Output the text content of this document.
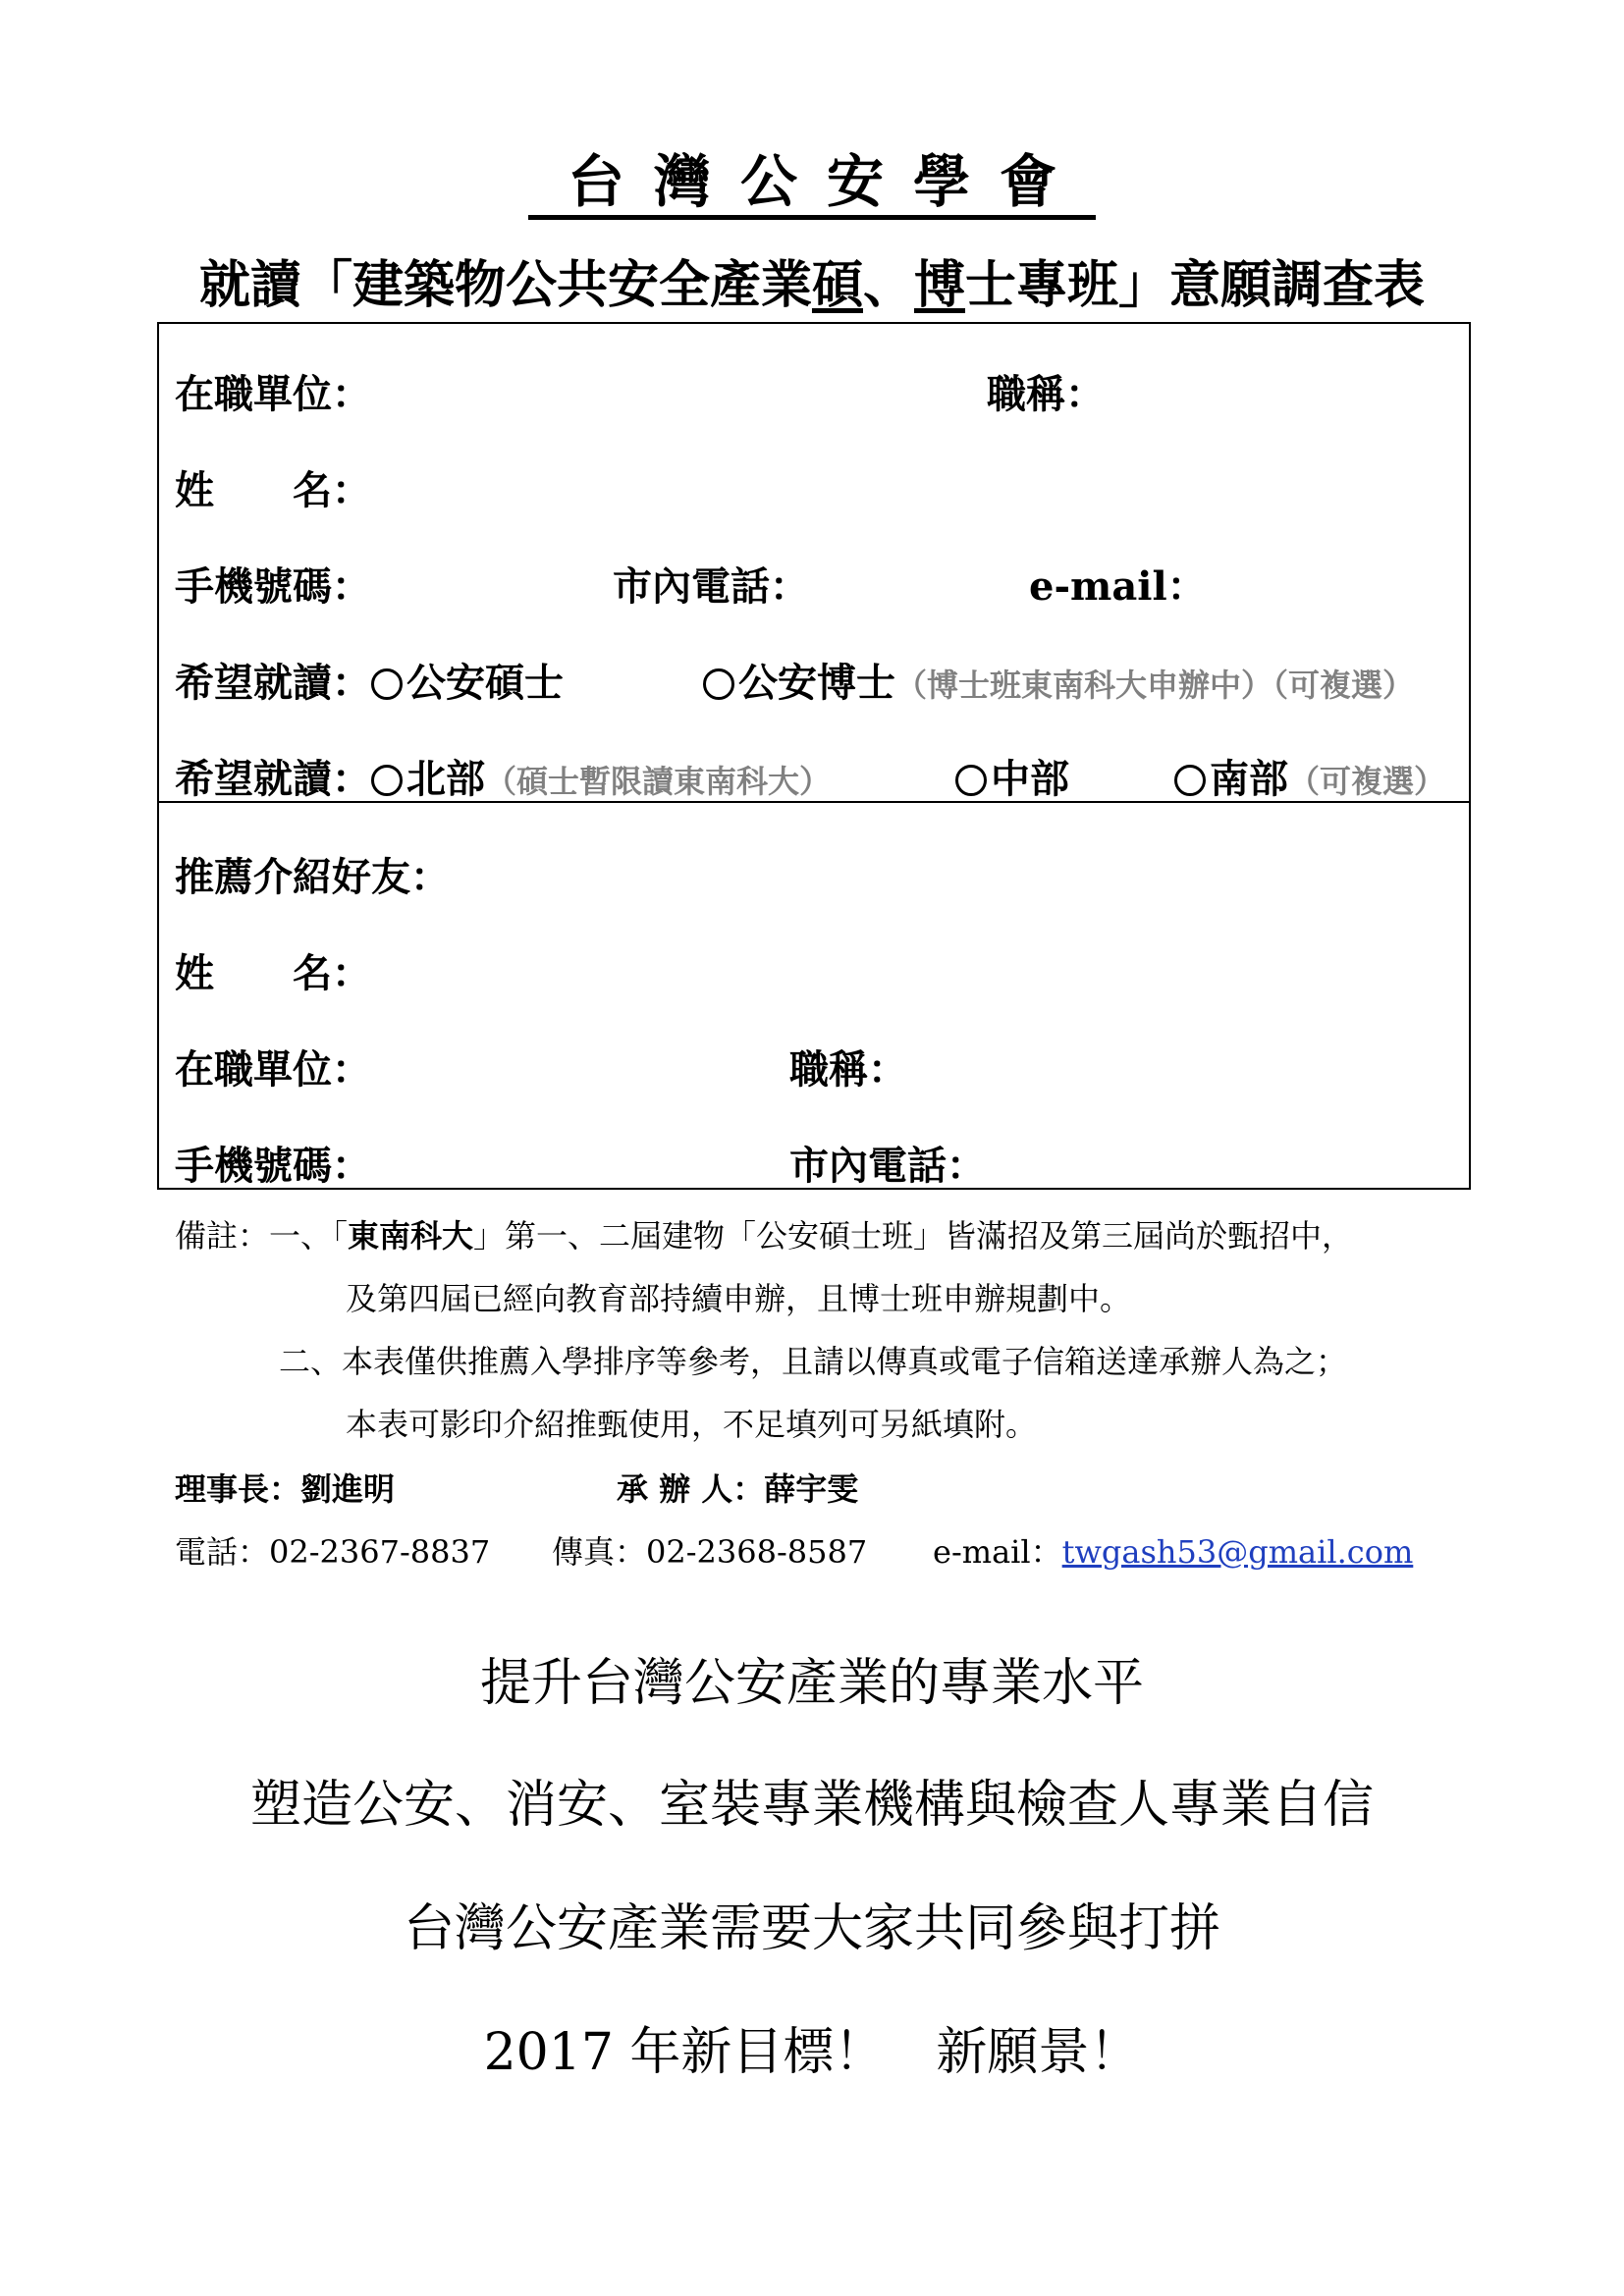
台灣公安學會
就讀「建築物公共安全產業碩、博士專班」意願調查表
在職單位：	職稱：
姓　　名：
手機號碼：	市內電話：	e-mail：
希望就讀： 公安碩士	公安博士（博士班東南科大申辦中）（可複選）
希望就讀： 北部（碩士暫限讀東南科大）	中部	南部（可複選）
推薦介紹好友：
姓　　名：
在職單位：	職稱：
手機號碼：	市內電話：
備註：一、「東南科大」第一、二屆建物「公安碩士班」皆滿招及第三屆尚於甄招中，
及第四屆已經向教育部持續申辦，且博士班申辦規劃中。
二、本表僅供推薦入學排序等參考，且請以傳真或電子信箱送達承辦人為之；
本表可影印介紹推甄使用，不足填列可另紙填附。
理事長：劉進明	承 辦 人：薛宇雯
電話：02-2367-8837 傳真：02-2368-8587 e-mail：twgash53@gmail.com
提升台灣公安產業的專業水平
塑造公安、消安、室裝專業機構與檢查人專業自信
台灣公安產業需要大家共同參與打拼
2017 年新目標！　新願景！
